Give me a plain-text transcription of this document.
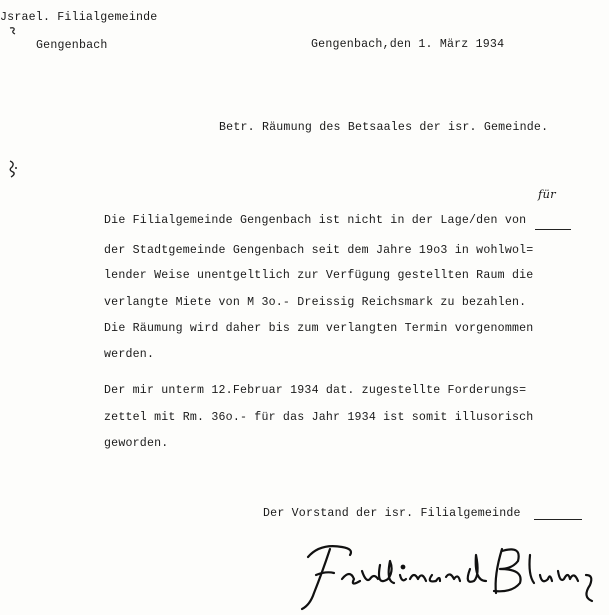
Jsrael. Filialgemeinde
Gengenbach	Gengenbach,den 1. März 1934
Betr. Räumung des Betsaales der isr. Gemeinde.
für
Die Filialgemeinde Gengenbach ist nicht in der Lage/den von
der Stadtgemeinde Gengenbach seit dem Jahre 19o3 in wohlwol=
lender Weise unentgeltlich zur Verfügung gestellten Raum die
verlangte Miete von M 3o.- Dreissig Reichsmark zu bezahlen.
Die Räumung wird daher bis zum verlangten Termin vorgenommen
werden.
Der mir unterm 12.Februar 1934 dat. zugestellte Forderungs=
zettel mit Rm. 36o.- für das Jahr 1934 ist somit illusorisch
geworden.
Der Vorstand der isr. Filialgemeinde
